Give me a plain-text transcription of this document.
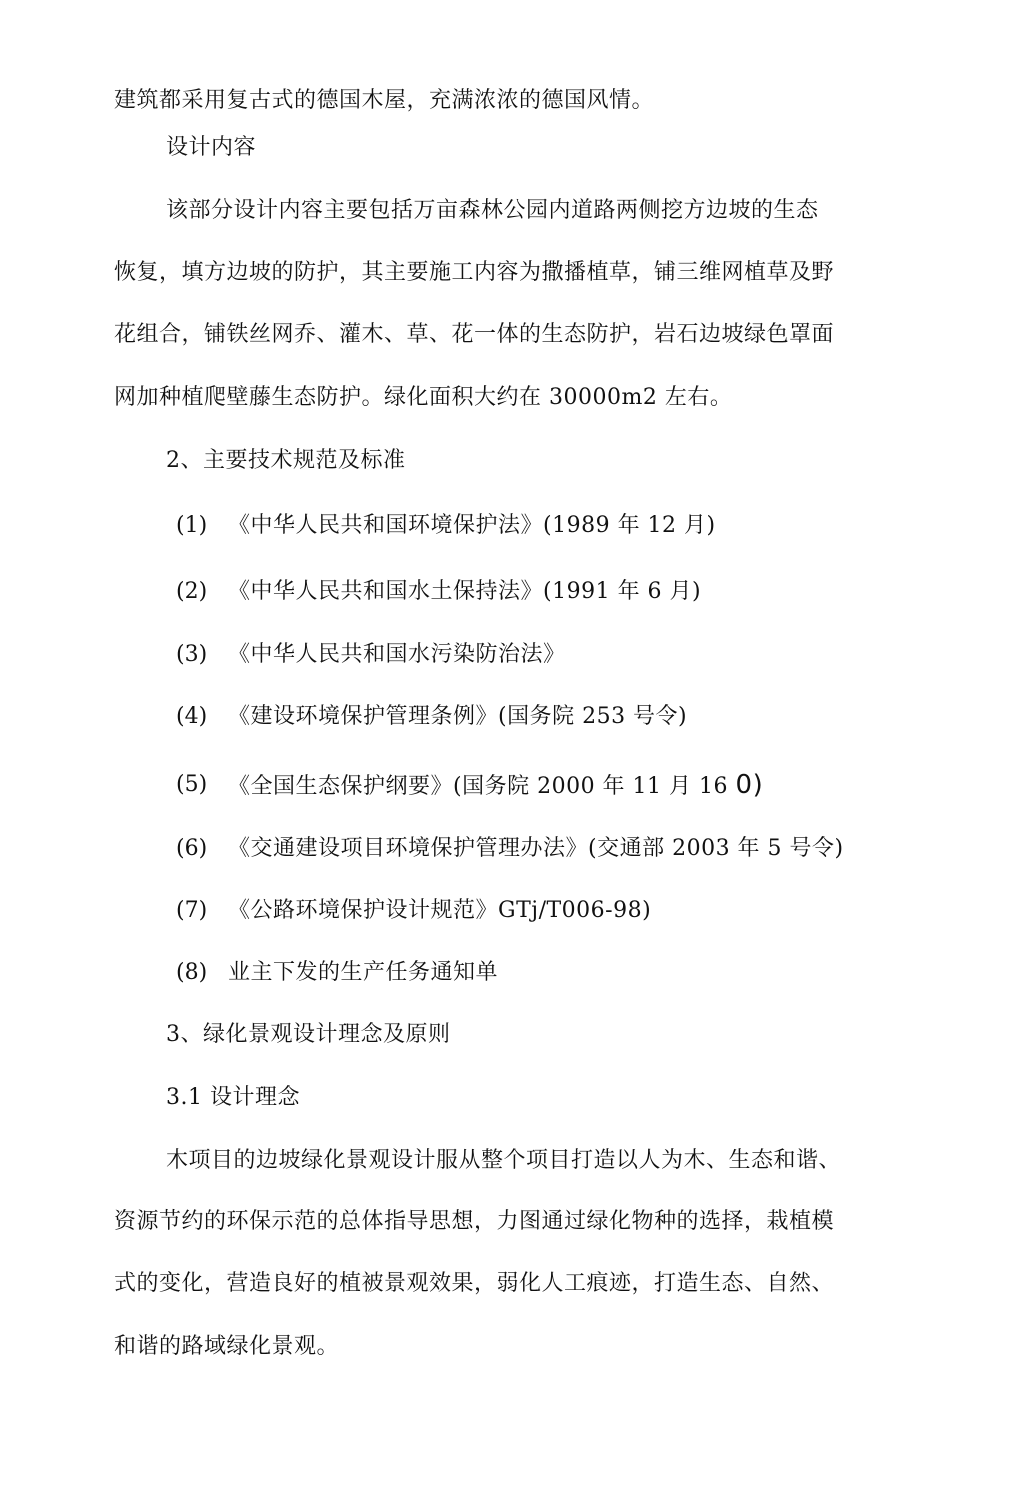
建筑都采用复古式的德国木屋，充满浓浓的德国风情。
设计内容
该部分设计内容主要包括万亩森林公园内道路两侧挖方边坡的生态
恢复，填方边坡的防护，其主要施工内容为撒播植草，铺三维网植草及野
花组合，铺铁丝网乔、灌木、草、花一体的生态防护，岩石边坡绿色罩面
网加种植爬壁藤生态防护。绿化面积大约在 30000m2 左右。
2、主要技术规范及标准
(1) 《中华人民共和国环境保护法》(1989 年 12 月)
(2) 《中华人民共和国水土保持法》(1991 年 6 月)
(3) 《中华人民共和国水污染防治法》
(4) 《建设环境保护管理条例》(国务院 253 号令)
(5) 《全国生态保护纲要》(国务院 2000 年 11 月 16 0)
(6) 《交通建设项目环境保护管理办法》(交通部 2003 年 5 号令)
(7) 《公路环境保护设计规范》GTj/T006-98)
(8) 业主下发的生产任务通知单
3、绿化景观设计理念及原则
3.1 设计理念
木项目的边坡绿化景观设计服从整个项目打造以人为木、生态和谐、
资源节约的环保示范的总体指导思想，力图通过绿化物种的选择，栽植模
式的变化，营造良好的植被景观效果，弱化人工痕迹，打造生态、自然、
和谐的路域绿化景观。
